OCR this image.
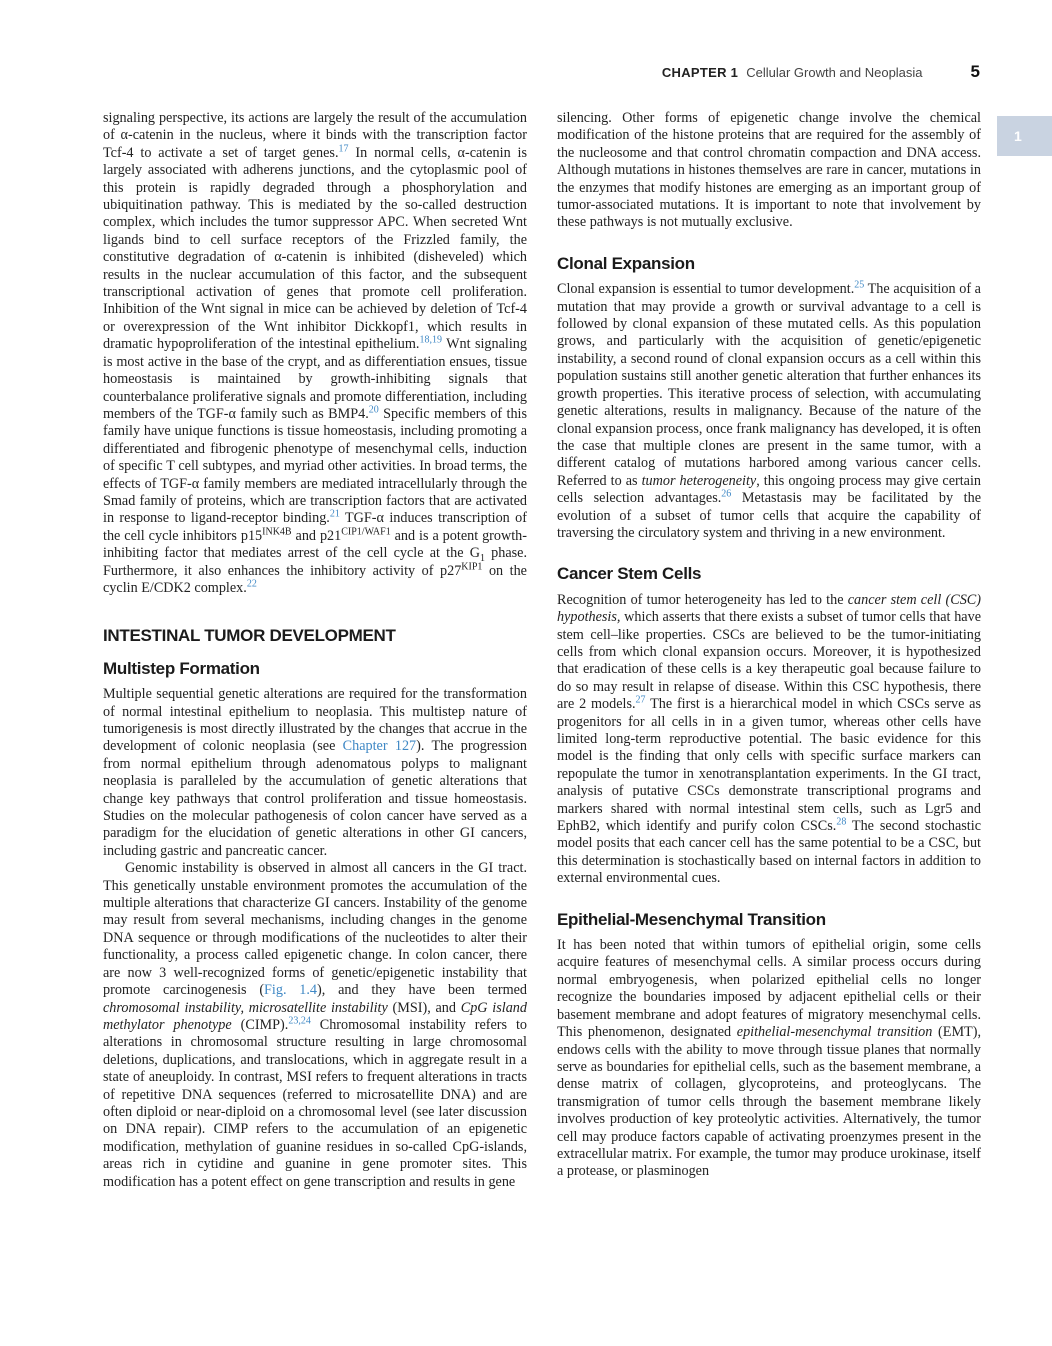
CHAPTER 1 Cellular Growth and Neoplasia	5
1

signaling perspective, its actions are largely the result of the accumulation of α-catenin in the nucleus, where it binds with the transcription factor Tcf-4 to activate a set of target genes.$^{17}$ In normal cells, α-catenin is largely associated with adherens junctions, and the cytoplasmic pool of this protein is rapidly degraded through a phosphorylation and ubiquitination pathway. This is mediated by the so-called destruction complex, which includes the tumor suppressor APC. When secreted Wnt ligands bind to cell surface receptors of the Frizzled family, the constitutive degradation of α-catenin is inhibited (disheveled) which results in the nuclear accumulation of this factor, and the subsequent transcriptional activation of genes that promote cell proliferation. Inhibition of the Wnt signal in mice can be achieved by deletion of Tcf-4 or overexpression of the Wnt inhibitor Dickkopf1, which results in dramatic hypoproliferation of the intestinal epithelium.$^{18,19}$ Wnt signaling is most active in the base of the crypt, and as differentiation ensues, tissue homeostasis is maintained by growth-inhibiting signals that counterbalance proliferative signals and promote differentiation, including members of the TGF-α family such as BMP4.20 Specific members of this family have unique functions is tissue homeostasis, including promoting a differentiated and fibrogenic phenotype of mesenchymal cells, induction of specific T cell subtypes, and myriad other activities. In broad terms, the effects of TGF-α family members are mediated intracellularly through the Smad family of proteins, which are transcription factors that are activated in response to ligand-receptor binding.$^{21}$ TGF-α induces transcription of the cell cycle inhibitors $p15^{INK4B}$ and $p21^{CIP1/WAF1}$ and is a potent growth-inhibiting factor that mediates arrest of the cell cycle at the $G_1$ phase. Furthermore, it also enhances the inhibitory activity of $p27^{KIP1}$ on the cyclin E/CDK2 complex.$^{22}$

INTESTINAL TUMOR DEVELOPMENT
Multistep Formation

Multiple sequential genetic alterations are required for the transformation of normal intestinal epithelium to neoplasia. This multistep nature of tumorigenesis is most directly illustrated by the changes that accrue in the development of colonic neoplasia (see Chapter 127). The progression from normal epithelium through adenomatous polyps to malignant neoplasia is paralleled by the accumulation of genetic alterations that change key pathways that control proliferation and tissue homeostasis. Studies on the molecular pathogenesis of colon cancer have served as a paradigm for the elucidation of genetic alterations in other GI cancers, including gastric and pancreatic cancer.

Genomic instability is observed in almost all cancers in the GI tract. This genetically unstable environment promotes the accumulation of the multiple alterations that characterize GI cancers. Instability of the genome may result from several mechanisms, including changes in the genome DNA sequence or through modifications of the nucleotides to alter their functionality, a process called epigenetic change. In colon cancer, there are now 3 well-recognized forms of genetic/epigenetic instability that promote carcinogenesis (Fig. 1.4), and they have been termed chromosomal instability, microsatellite instability (MSI), and CpG island methylator phenotype (CIMP).$^{23,24}$ Chromosomal instability refers to alterations in chromosomal structure resulting in large chromosomal deletions, duplications, and translocations, which in aggregate result in a state of aneuploidy. In contrast, MSI refers to frequent alterations in tracts of repetitive DNA sequences (referred to microsatellite DNA) and are often diploid or near-diploid on a chromosomal level (see later discussion on DNA repair). CIMP refers to the accumulation of an epigenetic modification, methylation of guanine residues in so-called CpG-islands, areas rich in cytidine and guanine in gene promoter sites. This modification has a potent effect on gene transcription and results in gene

silencing. Other forms of epigenetic change involve the chemical modification of the histone proteins that are required for the assembly of the nucleosome and that control chromatin compaction and DNA access. Although mutations in histones themselves are rare in cancer, mutations in the enzymes that modify histones are emerging as an important group of tumor-associated mutations. It is important to note that involvement by these pathways is not mutually exclusive.

Clonal Expansion

Clonal expansion is essential to tumor development.$^{25}$ The acquisition of a mutation that may provide a growth or survival advantage to a cell is followed by clonal expansion of these mutated cells. As this population grows, and particularly with the acquisition of genetic/epigenetic instability, a second round of clonal expansion occurs as a cell within this population sustains still another genetic alteration that further enhances its growth properties. This iterative process of selection, with accumulating genetic alterations, results in malignancy. Because of the nature of the clonal expansion process, once frank malignancy has developed, it is often the case that multiple clones are present in the same tumor, with a different catalog of mutations harbored among various cancer cells. Referred to as tumor heterogeneity, this ongoing process may give certain cells selection advantages.$^{26}$ Metastasis may be facilitated by the evolution of a subset of tumor cells that acquire the capability of traversing the circulatory system and thriving in a new environment.

Cancer Stem Cells

Recognition of tumor heterogeneity has led to the cancer stem cell (CSC) hypothesis, which asserts that there exists a subset of tumor cells that have stem cell–like properties. CSCs are believed to be the tumor-initiating cells from which clonal expansion occurs. Moreover, it is hypothesized that eradication of these cells is a key therapeutic goal because failure to do so may result in relapse of disease. Within this CSC hypothesis, there are 2 models.$^{27}$ The first is a hierarchical model in which CSCs serve as progenitors for all cells in in a given tumor, whereas other cells have limited long-term reproductive potential. The basic evidence for this model is the finding that only cells with specific surface markers can repopulate the tumor in xenotransplantation experiments. In the GI tract, analysis of putative CSCs demonstrate transcriptional programs and markers shared with normal intestinal stem cells, such as Lgr5 and EphB2, which identify and purify colon CSCs.$^{28}$ The second stochastic model posits that each cancer cell has the same potential to be a CSC, but this determination is stochastically based on internal factors in addition to external environmental cues.

Epithelial-Mesenchymal Transition

It has been noted that within tumors of epithelial origin, some cells acquire features of mesenchymal cells. A similar process occurs during normal embryogenesis, when polarized epithelial cells no longer recognize the boundaries imposed by adjacent epithelial cells or their basement membrane and adopt features of migratory mesenchymal cells. This phenomenon, designated epithelial-mesenchymal transition (EMT), endows cells with the ability to move through tissue planes that normally serve as boundaries for epithelial cells, such as the basement membrane, a dense matrix of collagen, glycoproteins, and proteoglycans. The transmigration of tumor cells through the basement membrane likely involves production of key proteolytic activities. Alternatively, the tumor cell may produce factors capable of activating proenzymes present in the extracellular matrix. For example, the tumor may produce urokinase, itself a protease, or plasminogen
